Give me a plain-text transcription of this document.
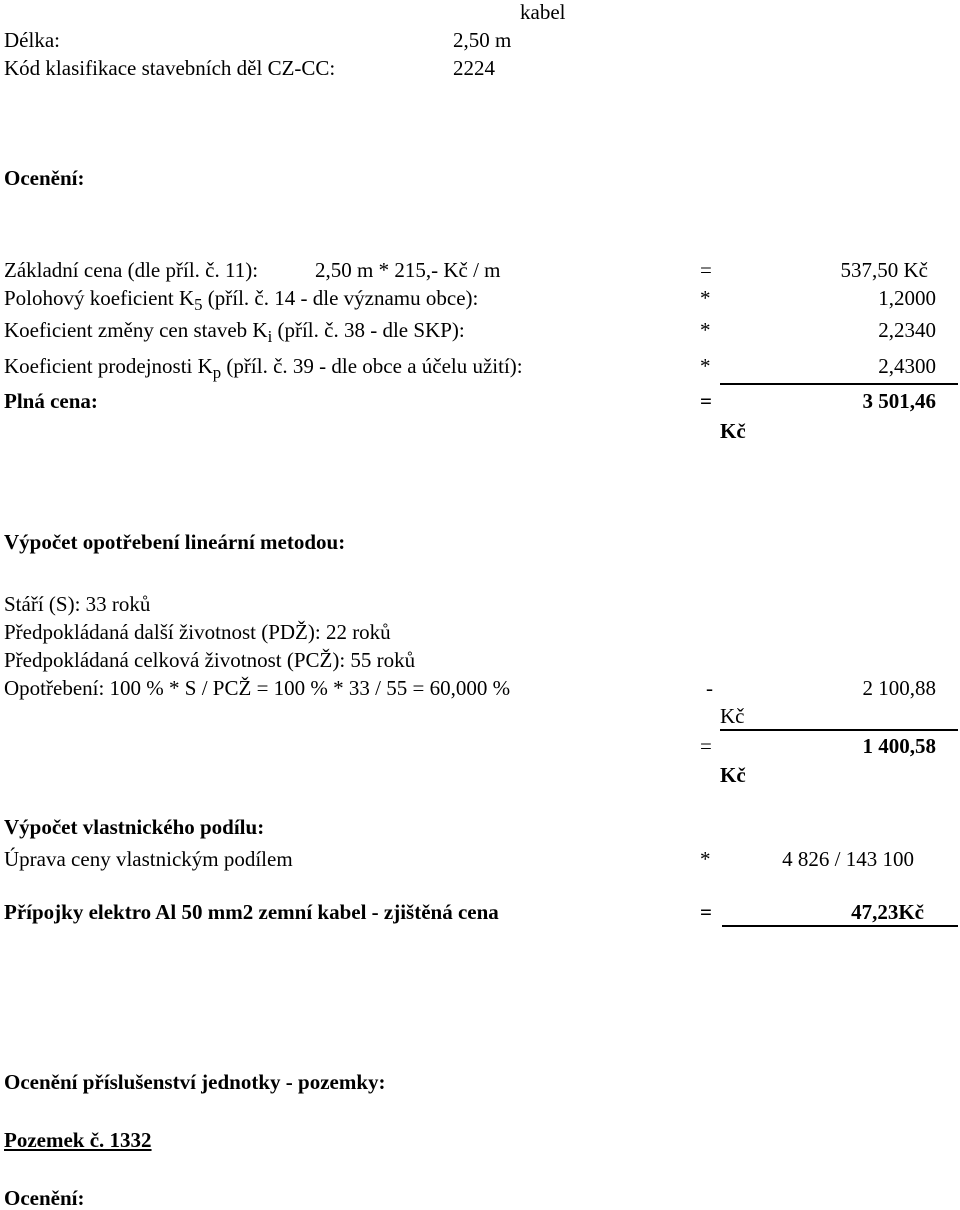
kabel
Délka:	2,50 m
Kód klasifikace stavebních děl CZ-CC:	2224
Ocenění:
Základní cena (dle příl. č. 11):	2,50 m * 215,- Kč / m	=	537,50 Kč
Polohový koeficient $K_5$ (příl. č. 14 - dle významu obce):	*	1,2000
Koeficient změny cen staveb $K_i$ (příl. č. 38 - dle SKP):	*	2,2340
Koeficient prodejnosti $K_p$ (příl. č. 39 - dle obce a účelu užití):	*	2,4300
Plná cena:	=	3 501,46
Kč
Výpočet opotřebení lineární metodou:
Stáří (S): 33 roků
Předpokládaná další životnost (PDŽ): 22 roků
Předpokládaná celková životnost (PCŽ): 55 roků
Opotřebení: 100 % * S / PCŽ = 100 % * 33 / 55 = 60,000 %	-	2 100,88
Kč
=	1 400,58
Kč
Výpočet vlastnického podílu:
Úprava ceny vlastnickým podílem	*	4 826 / 143 100
Přípojky elektro Al 50 mm2 zemní kabel - zjištěná cena	=	47,23Kč
Ocenění příslušenství jednotky - pozemky:
Pozemek č. 1332
Ocenění:
